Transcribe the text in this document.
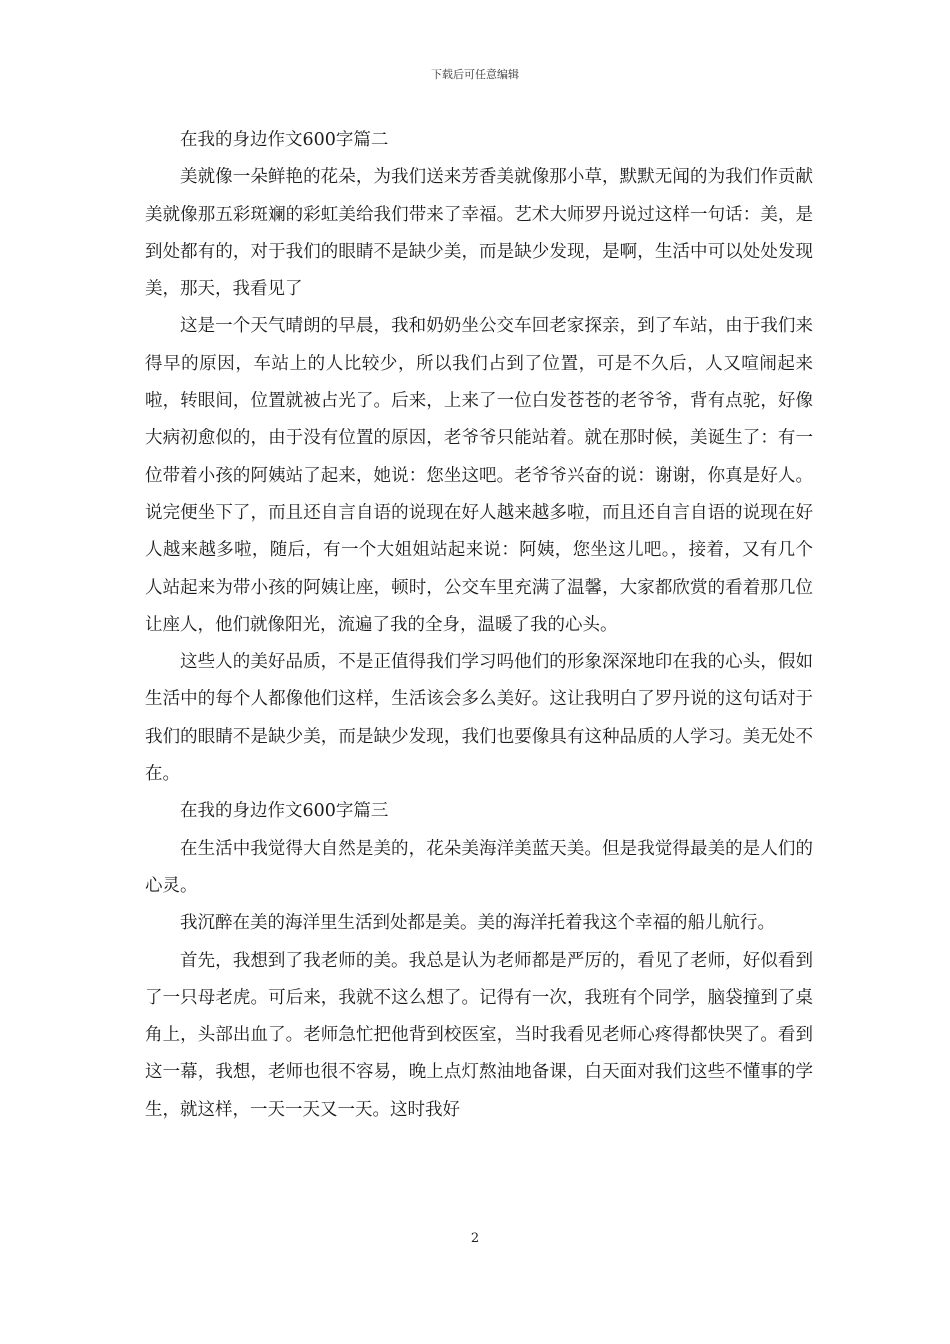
下载后可任意编辑

在我的身边作文600字篇二

美就像一朵鲜艳的花朵，为我们送来芳香美就像那小草，默默无闻的为我们作贡献美就像那五彩斑斓的彩虹美给我们带来了幸福。艺术大师罗丹说过这样一句话：美，是到处都有的，对于我们的眼睛不是缺少美，而是缺少发现，是啊，生活中可以处处发现美，那天，我看见了

这是一个天气晴朗的早晨，我和奶奶坐公交车回老家探亲，到了车站，由于我们来得早的原因，车站上的人比较少，所以我们占到了位置，可是不久后，人又喧闹起来啦，转眼间，位置就被占光了。后来，上来了一位白发苍苍的老爷爷，背有点驼，好像大病初愈似的，由于没有位置的原因，老爷爷只能站着。就在那时候，美诞生了：有一位带着小孩的阿姨站了起来，她说：您坐这吧。老爷爷兴奋的说：谢谢，你真是好人。说完便坐下了，而且还自言自语的说现在好人越来越多啦，而且还自言自语的说现在好人越来越多啦，随后，有一个大姐姐站起来说：阿姨，您坐这儿吧。，接着，又有几个人站起来为带小孩的阿姨让座，顿时，公交车里充满了温馨，大家都欣赏的看着那几位让座人，他们就像阳光，流遍了我的全身，温暖了我的心头。

这些人的美好品质，不是正值得我们学习吗他们的形象深深地印在我的心头，假如生活中的每个人都像他们这样，生活该会多么美好。这让我明白了罗丹说的这句话对于我们的眼睛不是缺少美，而是缺少发现，我们也要像具有这种品质的人学习。美无处不在。

在我的身边作文600字篇三

在生活中我觉得大自然是美的，花朵美海洋美蓝天美。但是我觉得最美的是人们的心灵。

我沉醉在美的海洋里生活到处都是美。美的海洋托着我这个幸福的船儿航行。

首先，我想到了我老师的美。我总是认为老师都是严厉的，看见了老师，好似看到了一只母老虎。可后来，我就不这么想了。记得有一次，我班有个同学，脑袋撞到了桌角上，头部出血了。老师急忙把他背到校医室，当时我看见老师心疼得都快哭了。看到这一幕，我想，老师也很不容易，晚上点灯熬油地备课，白天面对我们这些不懂事的学生，就这样，一天一天又一天。这时我好

2
